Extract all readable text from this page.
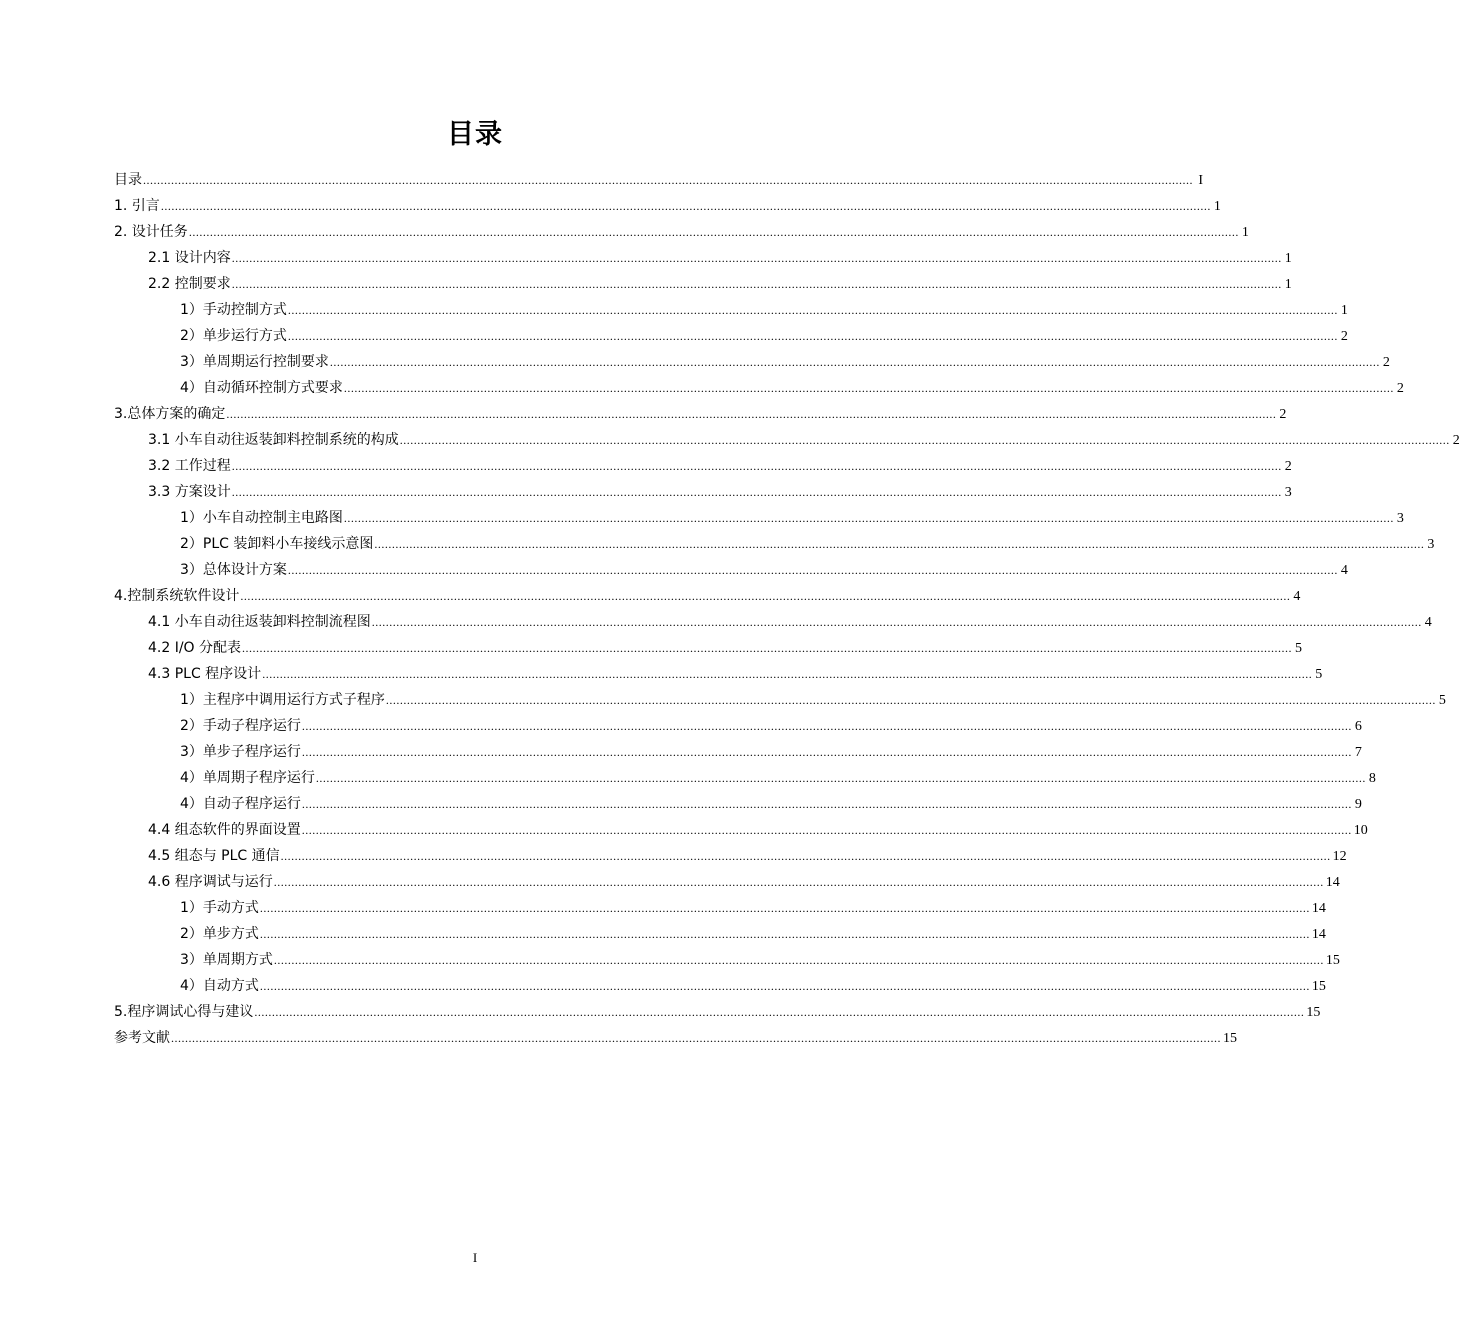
目录
目录 ............................................................................................................................................................................................................................................................................................................ I
1. 引言 ............................................................................................................................................................................................................................................................................................................ 1
2. 设计任务 ............................................................................................................................................................................................................................................................................................................ 1
2.1 设计内容 ............................................................................................................................................................................................................................................................................................................ 1
2.2 控制要求 ............................................................................................................................................................................................................................................................................................................ 1
1）手动控制方式 ............................................................................................................................................................................................................................................................................................................ 1
2）单步运行方式 ............................................................................................................................................................................................................................................................................................................ 2
3）单周期运行控制要求 ............................................................................................................................................................................................................................................................................................................ 2
4）自动循环控制方式要求 ............................................................................................................................................................................................................................................................................................................ 2
3.总体方案的确定 ............................................................................................................................................................................................................................................................................................................ 2
3.1 小车自动往返装卸料控制系统的构成 ............................................................................................................................................................................................................................................................................................................ 2
3.2 工作过程 ............................................................................................................................................................................................................................................................................................................ 2
3.3 方案设计 ............................................................................................................................................................................................................................................................................................................ 3
1）小车自动控制主电路图 ............................................................................................................................................................................................................................................................................................................ 3
2）PLC 装卸料小车接线示意图 ............................................................................................................................................................................................................................................................................................................ 3
3）总体设计方案 ............................................................................................................................................................................................................................................................................................................ 4
4.控制系统软件设计 ............................................................................................................................................................................................................................................................................................................ 4
4.1 小车自动往返装卸料控制流程图 ............................................................................................................................................................................................................................................................................................................ 4
4.2 I/O 分配表 ............................................................................................................................................................................................................................................................................................................ 5
4.3 PLC 程序设计 ............................................................................................................................................................................................................................................................................................................ 5
1）主程序中调用运行方式子程序 ............................................................................................................................................................................................................................................................................................................ 5
2）手动子程序运行 ............................................................................................................................................................................................................................................................................................................ 6
3）单步子程序运行 ............................................................................................................................................................................................................................................................................................................ 7
4）单周期子程序运行 ............................................................................................................................................................................................................................................................................................................ 8
4）自动子程序运行 ............................................................................................................................................................................................................................................................................................................ 9
4.4 组态软件的界面设置 ............................................................................................................................................................................................................................................................................................................ 10
4.5 组态与 PLC 通信 ............................................................................................................................................................................................................................................................................................................ 12
4.6 程序调试与运行 ............................................................................................................................................................................................................................................................................................................ 14
1）手动方式 ............................................................................................................................................................................................................................................................................................................ 14
2）单步方式 ............................................................................................................................................................................................................................................................................................................ 14
3）单周期方式 ............................................................................................................................................................................................................................................................................................................ 15
4）自动方式 ............................................................................................................................................................................................................................................................................................................ 15
5.程序调试心得与建议 ............................................................................................................................................................................................................................................................................................................ 15
参考文献 ............................................................................................................................................................................................................................................................................................................ 15
I
